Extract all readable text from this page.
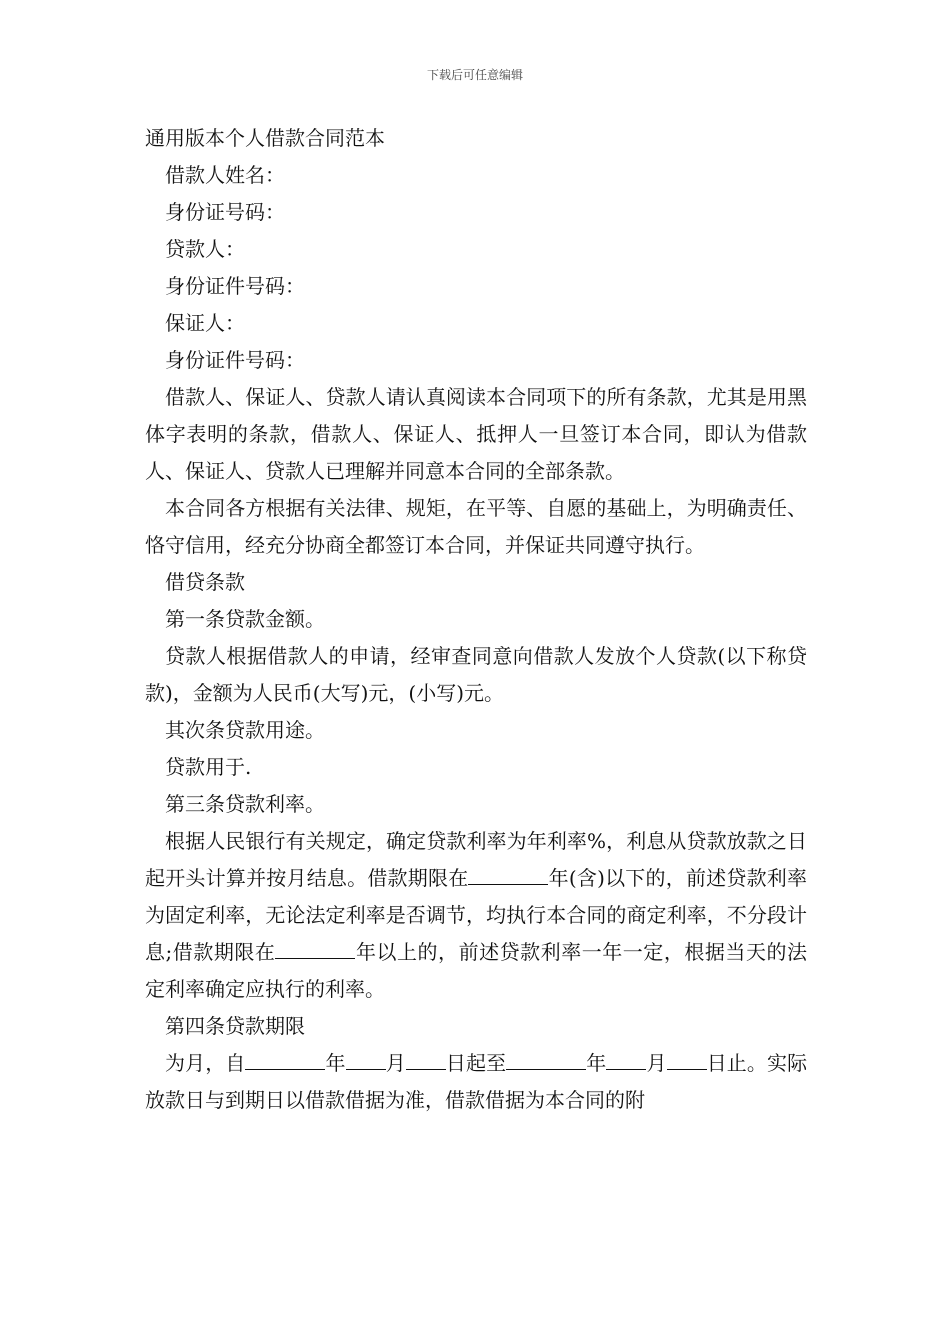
下载后可任意编辑
通用版本个人借款合同范本
借款人姓名：
身份证号码：
贷款人：
身份证件号码：
保证人：
身份证件号码：

借款人、保证人、贷款人请认真阅读本合同项下的所有条款，尤其是用黑体字表明的条款，借款人、保证人、抵押人一旦签订本合同，即认为借款人、保证人、贷款人已理解并同意本合同的全部条款。

本合同各方根据有关法律、规矩，在平等、自愿的基础上，为明确责任、恪守信用，经充分协商全都签订本合同，并保证共同遵守执行。

借贷条款
第一条贷款金额。

贷款人根据借款人的申请，经审查同意向借款人发放个人贷款(以下称贷款)，金额为人民币(大写)元，(小写)元。

其次条贷款用途。
贷款用于.
第三条贷款利率。

根据人民银行有关规定，确定贷款利率为年利率%，利息从贷款放款之日起开头计算并按月结息。借款期限在	年(含)以下的，前述贷款利率为固定利率，无论法定利率是否调节，均执行本合同的商定利率，不分段计息;借款期限在	年以上的，前述贷款利率一年一定，根据当天的法定利率确定应执行的利率。

第四条贷款期限

为月，自	年 月 日起至	年 月 日止。实际放款日与到期日以借款借据为准，借款借据为本合同的附
